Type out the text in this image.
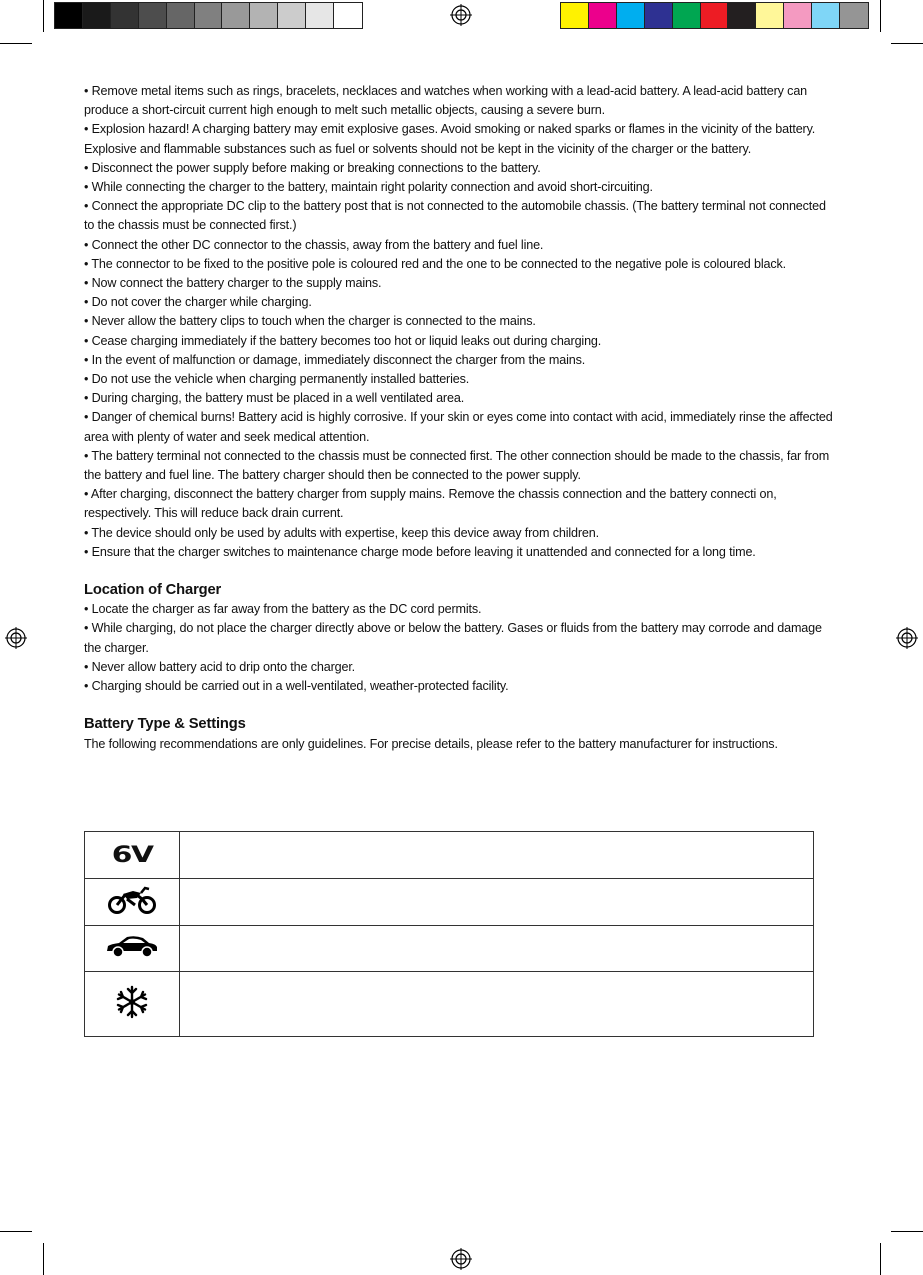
• Remove metal items such as rings, bracelets, necklaces and watches when working with a lead-acid battery. A lead-acid battery can produce a short-circuit current high enough to melt such metallic objects, causing a severe burn.

• Explosion hazard! A charging battery may emit explosive gases. Avoid smoking or naked sparks or flames in the vicinity of the battery. Explosive and flammable substances such as fuel or solvents should not be kept in the vicinity of the charger or the battery.

• Disconnect the power supply before making or breaking connections to the battery.

• While connecting the charger to the battery, maintain right polarity connection and avoid short-circuiting.

• Connect the appropriate DC clip to the battery post that is not connected to the automobile chassis. (The battery terminal not connected to the chassis must be connected first.)

• Connect the other DC connector to the chassis, away from the battery and fuel line.

• The connector to be fixed to the positive pole is coloured red and the one to be connected to the negative pole is coloured black.

• Now connect the battery charger to the supply mains.

• Do not cover the charger while charging.

• Never allow the battery clips to touch when the charger is connected to the mains.

• Cease charging immediately if the battery becomes too hot or liquid leaks out during charging.

• In the event of malfunction or damage, immediately disconnect the charger from the mains.

• Do not use the vehicle when charging permanently installed batteries.

• During charging, the battery must be placed in a well ventilated area.

• Danger of chemical burns! Battery acid is highly corrosive. If your skin or eyes come into contact with acid, immediately rinse the affected area with plenty of water and seek medical attention.

• The battery terminal not connected to the chassis must be connected first. The other connection should be made to the chassis, far from the battery and fuel line. The battery charger should then be connected to the power supply.

• After charging, disconnect the battery charger from supply mains. Remove the chassis connection and the battery connecti on, respectively. This will reduce back drain current.

• The device should only be used by adults with expertise, keep this device away from children.

• Ensure that the charger switches to maintenance charge mode before leaving it unattended and connected for a long time.

Location of Charger

• Locate the charger as far away from the battery as the DC cord permits.

• While charging, do not place the charger directly above or below the battery. Gases or fluids from the battery may corrode and damage the charger.

• Never allow battery acid to drip onto the charger.

• Charging should be carried out in a well-ventilated, weather-protected facility.

Battery Type & Settings

The following recommendations are only guidelines. For precise details, please refer to the battery manufacturer for instructions.

6V	
